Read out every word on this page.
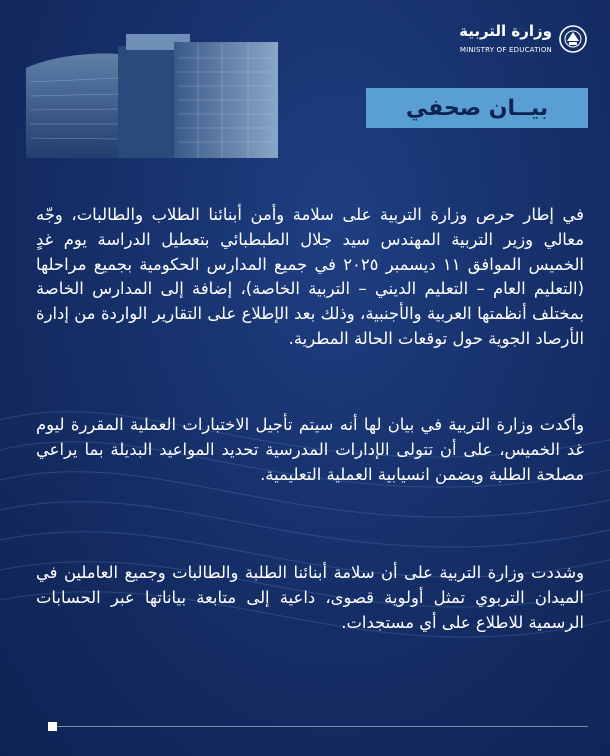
وزارة التربية
MINISTRY OF EDUCATION
بيــان صحفي

في إطار حرص وزارة التربية على سلامة وأمن أبنائنا الطلاب والطالبات، وجّه معالي وزير التربية المهندس سيد جلال الطبطبائي بتعطيل الدراسة يوم غدٍ الخميس الموافق ١١ ديسمبر ٢٠٢٥ في جميع المدارس الحكومية بجميع مراحلها (التعليم العام – التعليم الديني – التربية الخاصة)، إضافة إلى المدارس الخاصة بمختلف أنظمتها العربية والأجنبية، وذلك بعد الإطلاع على التقارير الواردة من إدارة الأرصاد الجوية حول توقعات الحالة المطرية.

وأكدت وزارة التربية في بيان لها أنه سيتم تأجيل الاختبارات العملية المقررة ليوم غد الخميس، على أن تتولى الإدارات المدرسية تحديد المواعيد البديلة بما يراعي مصلحة الطلبة ويضمن انسيابية العملية التعليمية.

وشددت وزارة التربية على أن سلامة أبنائنا الطلبة والطالبات وجميع العاملين في الميدان التربوي تمثل أولوية قصوى، داعية إلى متابعة بياناتها عبر الحسابات الرسمية للاطلاع على أي مستجدات.
